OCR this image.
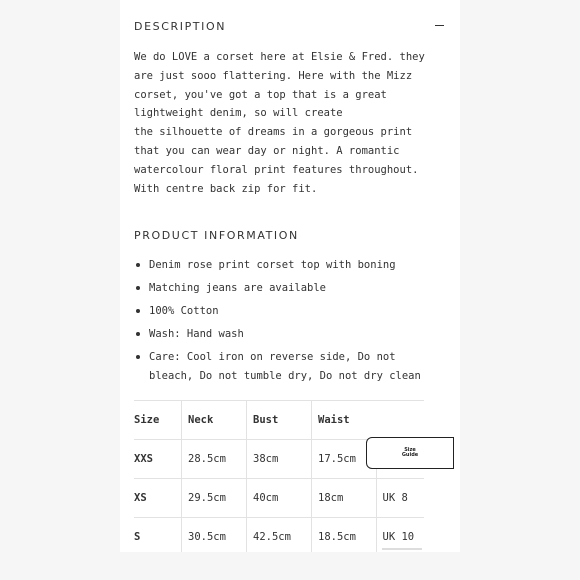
DESCRIPTION
We do LOVE a corset here at Elsie & Fred. they
are just sooo flattering. Here with the Mizz
corset, you've got a top that is a great
lightweight denim, so will create
the silhouette of dreams in a gorgeous print
that you can wear day or night. A romantic
watercolour floral print features throughout.
With centre back zip for fit.
PRODUCT INFORMATION
Denim rose print corset top with boning
Matching jeans are available
100% Cotton
Wash: Hand wash
Care: Cool iron on reverse side, Do not
bleach, Do not tumble dry, Do not dry clean
Size	Neck	Bust	Waist	

XXS	28.5cm	38cm	17.5cm	

XS	29.5cm	40cm	18cm	UK 8

S	30.5cm	42.5cm	18.5cm	UK 10
Size
Guide
